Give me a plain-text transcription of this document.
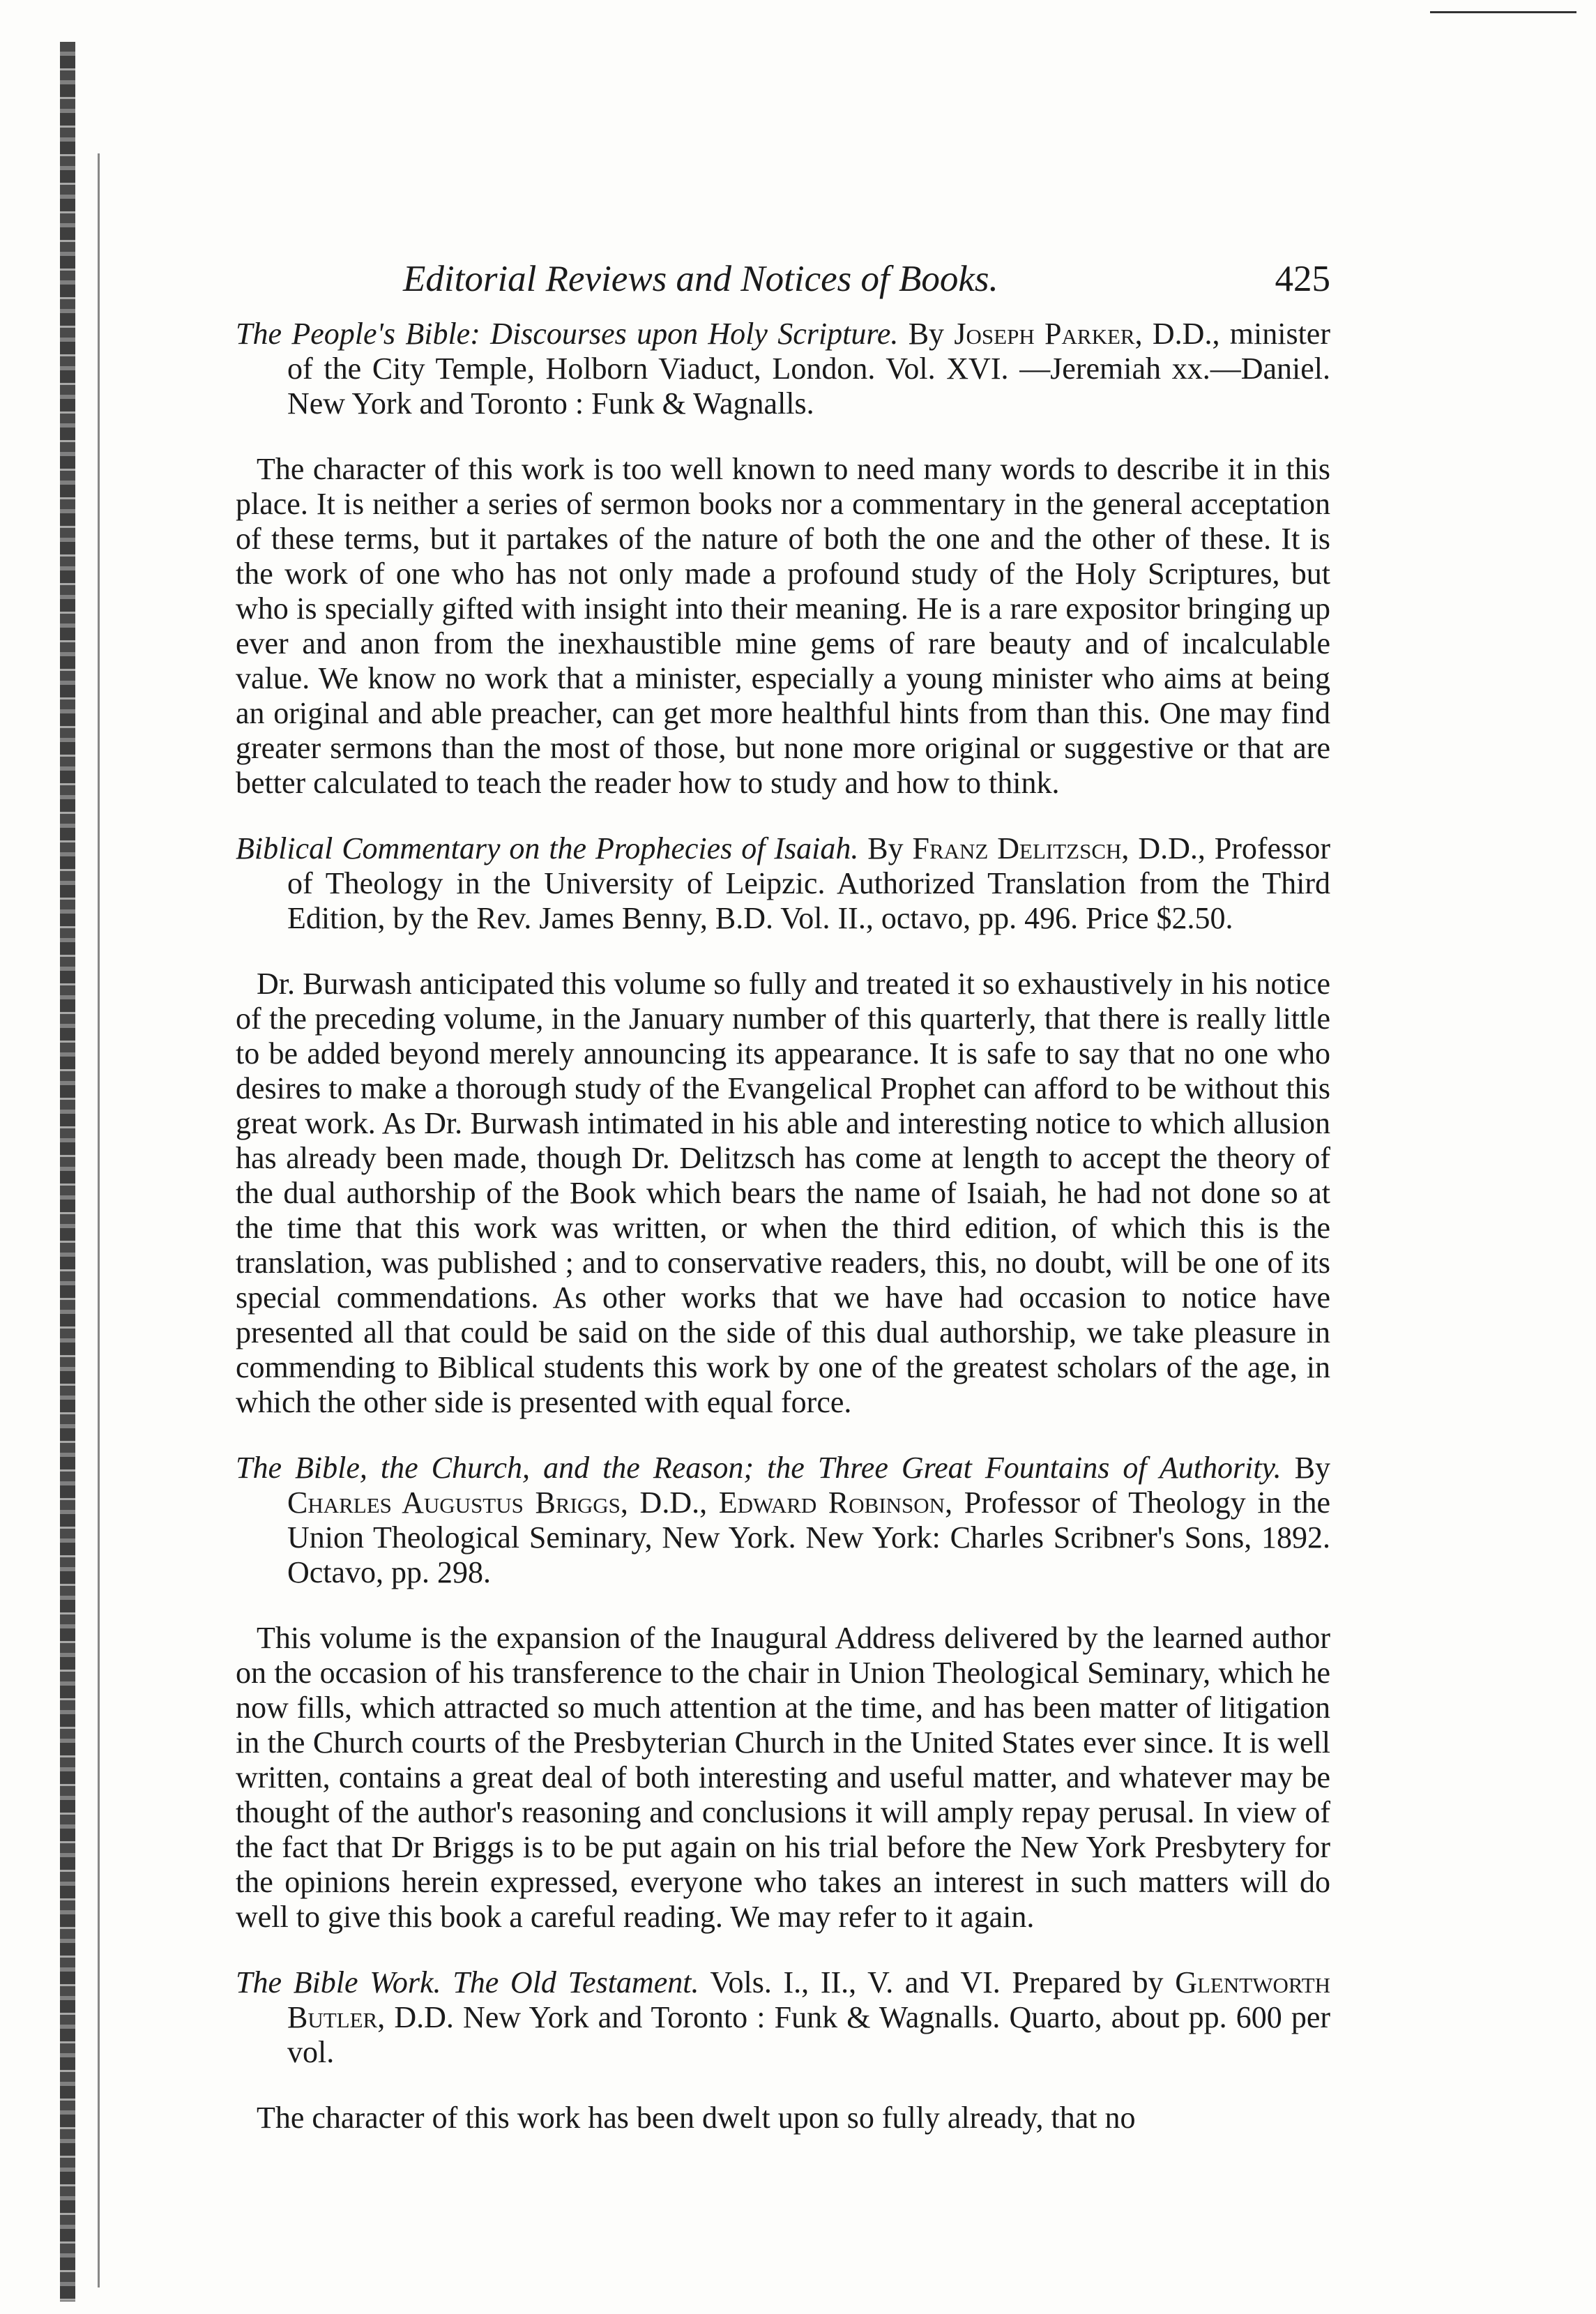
Editorial Reviews and Notices of Books.	425

The People's Bible: Discourses upon Holy Scripture. By Joseph Parker, D.D., minister of the City Temple, Holborn Viaduct, London. Vol. XVI. —Jeremiah xx.—Daniel. New York and Toronto : Funk & Wagnalls.

The character of this work is too well known to need many words to describe it in this place. It is neither a series of sermon books nor a commentary in the general acceptation of these terms, but it partakes of the nature of both the one and the other of these. It is the work of one who has not only made a profound study of the Holy Scriptures, but who is specially gifted with insight into their meaning. He is a rare expositor bringing up ever and anon from the inexhaustible mine gems of rare beauty and of incalculable value. We know no work that a minister, especially a young minister who aims at being an original and able preacher, can get more healthful hints from than this. One may find greater sermons than the most of those, but none more original or suggestive or that are better calculated to teach the reader how to study and how to think.

Biblical Commentary on the Prophecies of Isaiah. By Franz Delitzsch, D.D., Professor of Theology in the University of Leipzic. Authorized Translation from the Third Edition, by the Rev. James Benny, B.D. Vol. II., octavo, pp. 496. Price $2.50.

Dr. Burwash anticipated this volume so fully and treated it so exhaustively in his notice of the preceding volume, in the January number of this quarterly, that there is really little to be added beyond merely announcing its appearance. It is safe to say that no one who desires to make a thorough study of the Evangelical Prophet can afford to be without this great work. As Dr. Burwash intimated in his able and interesting notice to which allusion has already been made, though Dr. Delitzsch has come at length to accept the theory of the dual authorship of the Book which bears the name of Isaiah, he had not done so at the time that this work was written, or when the third edition, of which this is the translation, was published ; and to conservative readers, this, no doubt, will be one of its special commendations. As other works that we have had occasion to notice have presented all that could be said on the side of this dual authorship, we take pleasure in commending to Biblical students this work by one of the greatest scholars of the age, in which the other side is presented with equal force.

The Bible, the Church, and the Reason; the Three Great Fountains of Authority. By Charles Augustus Briggs, D.D., Edward Robinson, Professor of Theology in the Union Theological Seminary, New York. New York: Charles Scribner's Sons, 1892. Octavo, pp. 298.

This volume is the expansion of the Inaugural Address delivered by the learned author on the occasion of his transference to the chair in Union Theological Seminary, which he now fills, which attracted so much attention at the time, and has been matter of litigation in the Church courts of the Presbyterian Church in the United States ever since. It is well written, contains a great deal of both interesting and useful matter, and whatever may be thought of the author's reasoning and conclusions it will amply repay perusal. In view of the fact that Dr Briggs is to be put again on his trial before the New York Presbytery for the opinions herein expressed, everyone who takes an interest in such matters will do well to give this book a careful reading. We may refer to it again.

The Bible Work. The Old Testament. Vols. I., II., V. and VI. Prepared by Glentworth Butler, D.D. New York and Toronto : Funk & Wagnalls. Quarto, about pp. 600 per vol.

The character of this work has been dwelt upon so fully already, that no
